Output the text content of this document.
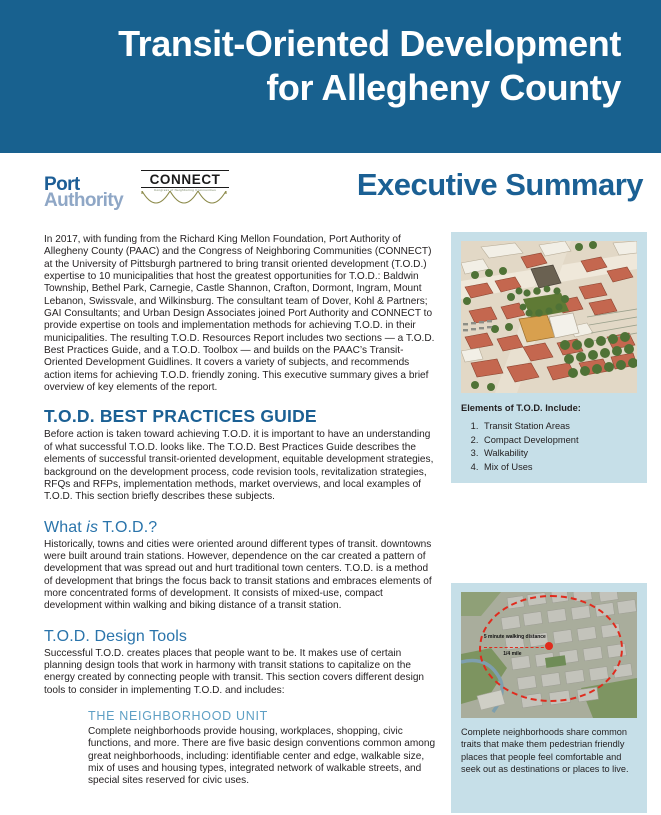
Transit-Oriented Development
for Allegheny County
Port
Authority
CONNECT
Congress of Neighboring Communities	Executive Summary

In 2017, with funding from the Richard King Mellon Foundation, Port Authority of Allegheny County (PAAC) and the Congress of Neighboring Communities (CONNECT) at the University of Pittsburgh partnered to bring transit oriented development (T.O.D.) expertise to 10 municipalities that host the greatest opportunities for T.O.D.: Baldwin Township, Bethel Park, Carnegie, Castle Shannon, Crafton, Dormont, Ingram, Mount Lebanon, Swissvale, and Wilkinsburg. The consultant team of Dover, Kohl & Partners; GAI Consultants; and Urban Design Associates joined Port Authority and CONNECT to provide expertise on tools and implementation methods for achieving T.O.D. in their municipalities. The resulting T.O.D. Resources Report includes two sections — a T.O.D. Best Practices Guide, and a T.O.D. Toolbox — and builds on the PAAC’s Transit-Oriented Development Guidlines. It covers a variety of subjects, and recommends action items for achieving T.O.D. friendly zoning. This executive summary gives a brief overview of key elements of the report.

T.O.D. BEST PRACTICES GUIDE

Before action is taken toward achieving T.O.D. it is important to have an understanding of what successful T.O.D. looks like. The T.O.D. Best Practices Guide describes the elements of successful transit-oriented development, equitable development strategies, background on the development process, code revision tools, revitalization strategies, RFQs and RFPs, implementation methods, market overviews, and local examples of T.O.D. This section briefly describes these subjects.

What is T.O.D.?

Historically, towns and cities were oriented around different types of transit. downtowns were built around train stations. However, dependence on the car created a pattern of development that was spread out and hurt traditional town centers. T.O.D. is a method of development that brings the focus back to transit stations and embraces elements of more concentrated forms of development. It consists of mixed-use, compact development within walking and biking distance of a transit station.

T.O.D. Design Tools

Successful T.O.D. creates places that people want to be. It makes use of certain planning design tools that work in harmony with transit stations to capitalize on the energy created by connecting people with transit. This section covers different design tools to consider in implementing T.O.D. and includes:

THE NEIGHBORHOOD UNIT

Complete neighborhoods provide housing, workplaces, shopping, civic functions, and more. There are five basic design conventions common among great neighborhoods, including: identifiable center and edge, walkable size, mix of uses and housing types, integrated network of walkable streets, and special sites reserved for civic uses.

Elements of T.O.D. Include:
1. Transit Station Areas
2. Compact Development
3. Walkability
4. Mix of Uses
5 minute walking distance
1/4 mile
Complete neighborhoods share common traits that make them pedestrian friendly places that people feel comfortable and seek out as destinations or places to live.
